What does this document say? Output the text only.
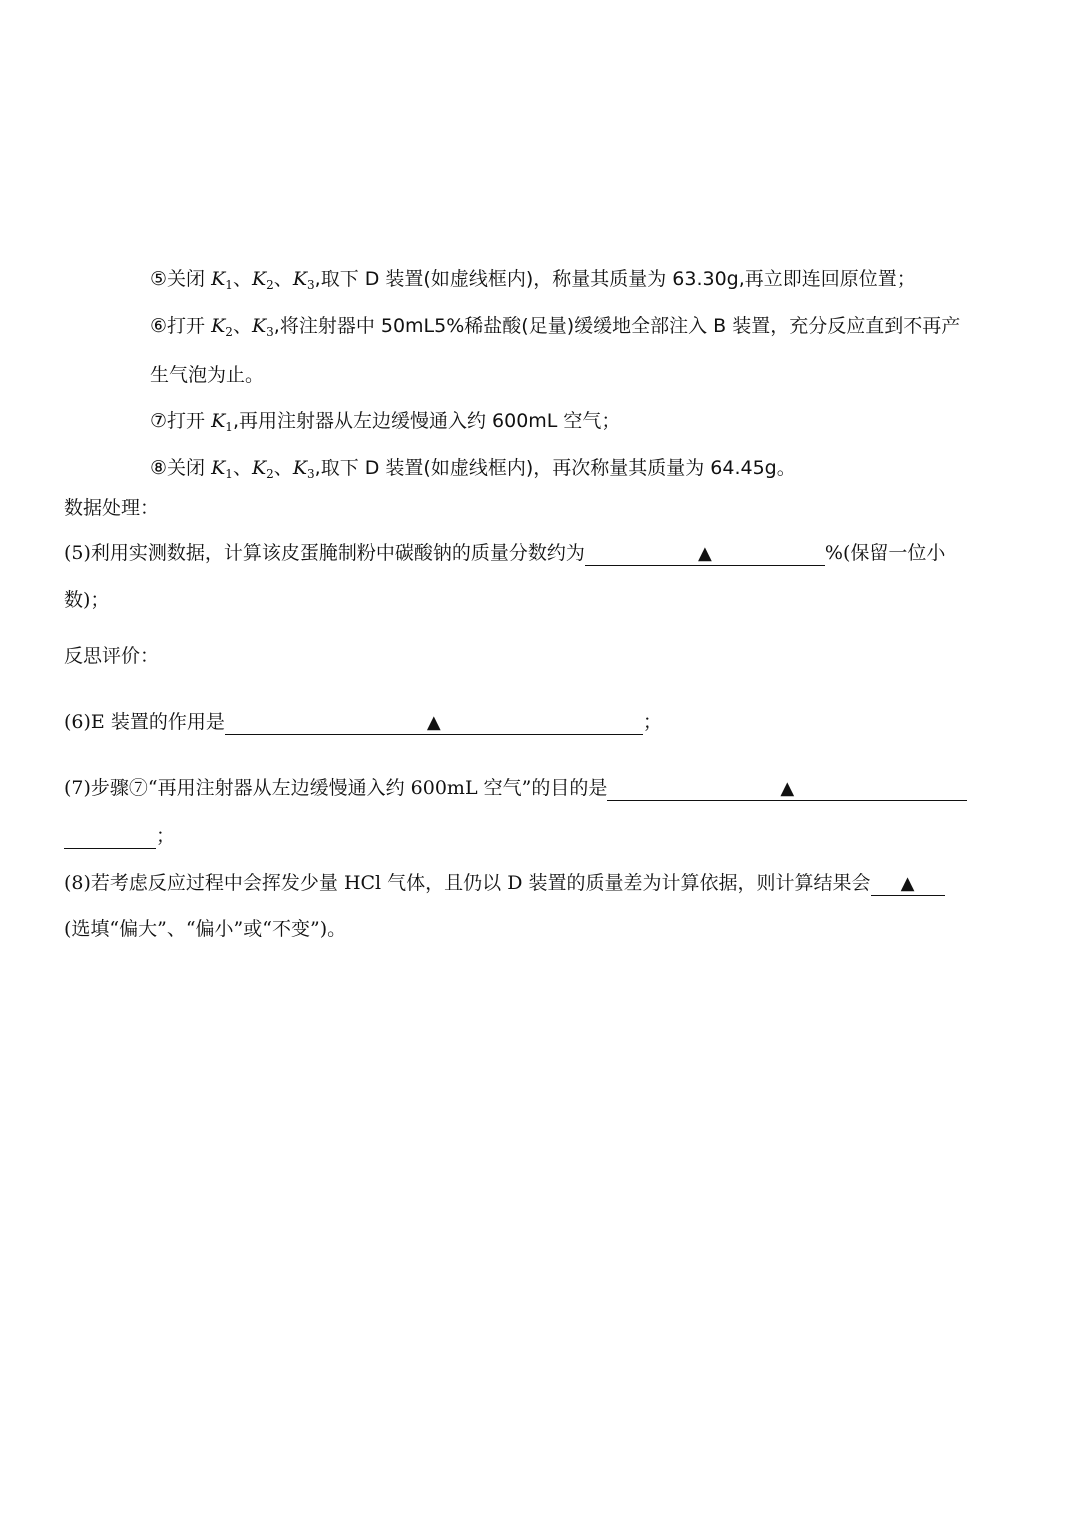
⑤关闭 $K_1$、$K_2$、$K_3$,取下 D 装置(如虚线框内)，称量其质量为 63.30g,再立即连回原位置；
⑥打开 $K_2$、$K_3$,将注射器中 50mL5%稀盐酸(足量)缓缓地全部注入 B 装置，充分反应直到不再产
生气泡为止。
⑦打开 $K_1$,再用注射器从左边缓慢通入约 600mL 空气；
⑧关闭 $K_1$、$K_2$、$K_3$,取下 D 装置(如虚线框内)，再次称量其质量为 64.45g。
数据处理：
(5)利用实测数据，计算该皮蛋腌制粉中碳酸钠的质量分数约为	▲	%(保留一位小
数)；
反思评价：
(6)E 装置的作用是	▲	；
(7)步骤⑦“再用注射器从左边缓慢通入约 600mL 空气”的目的是	▲
；
(8)若考虑反应过程中会挥发少量 HCl 气体，且仍以 D 装置的质量差为计算依据，则计算结果会 ▲
(选填“偏大”、“偏小”或“不变”)。
